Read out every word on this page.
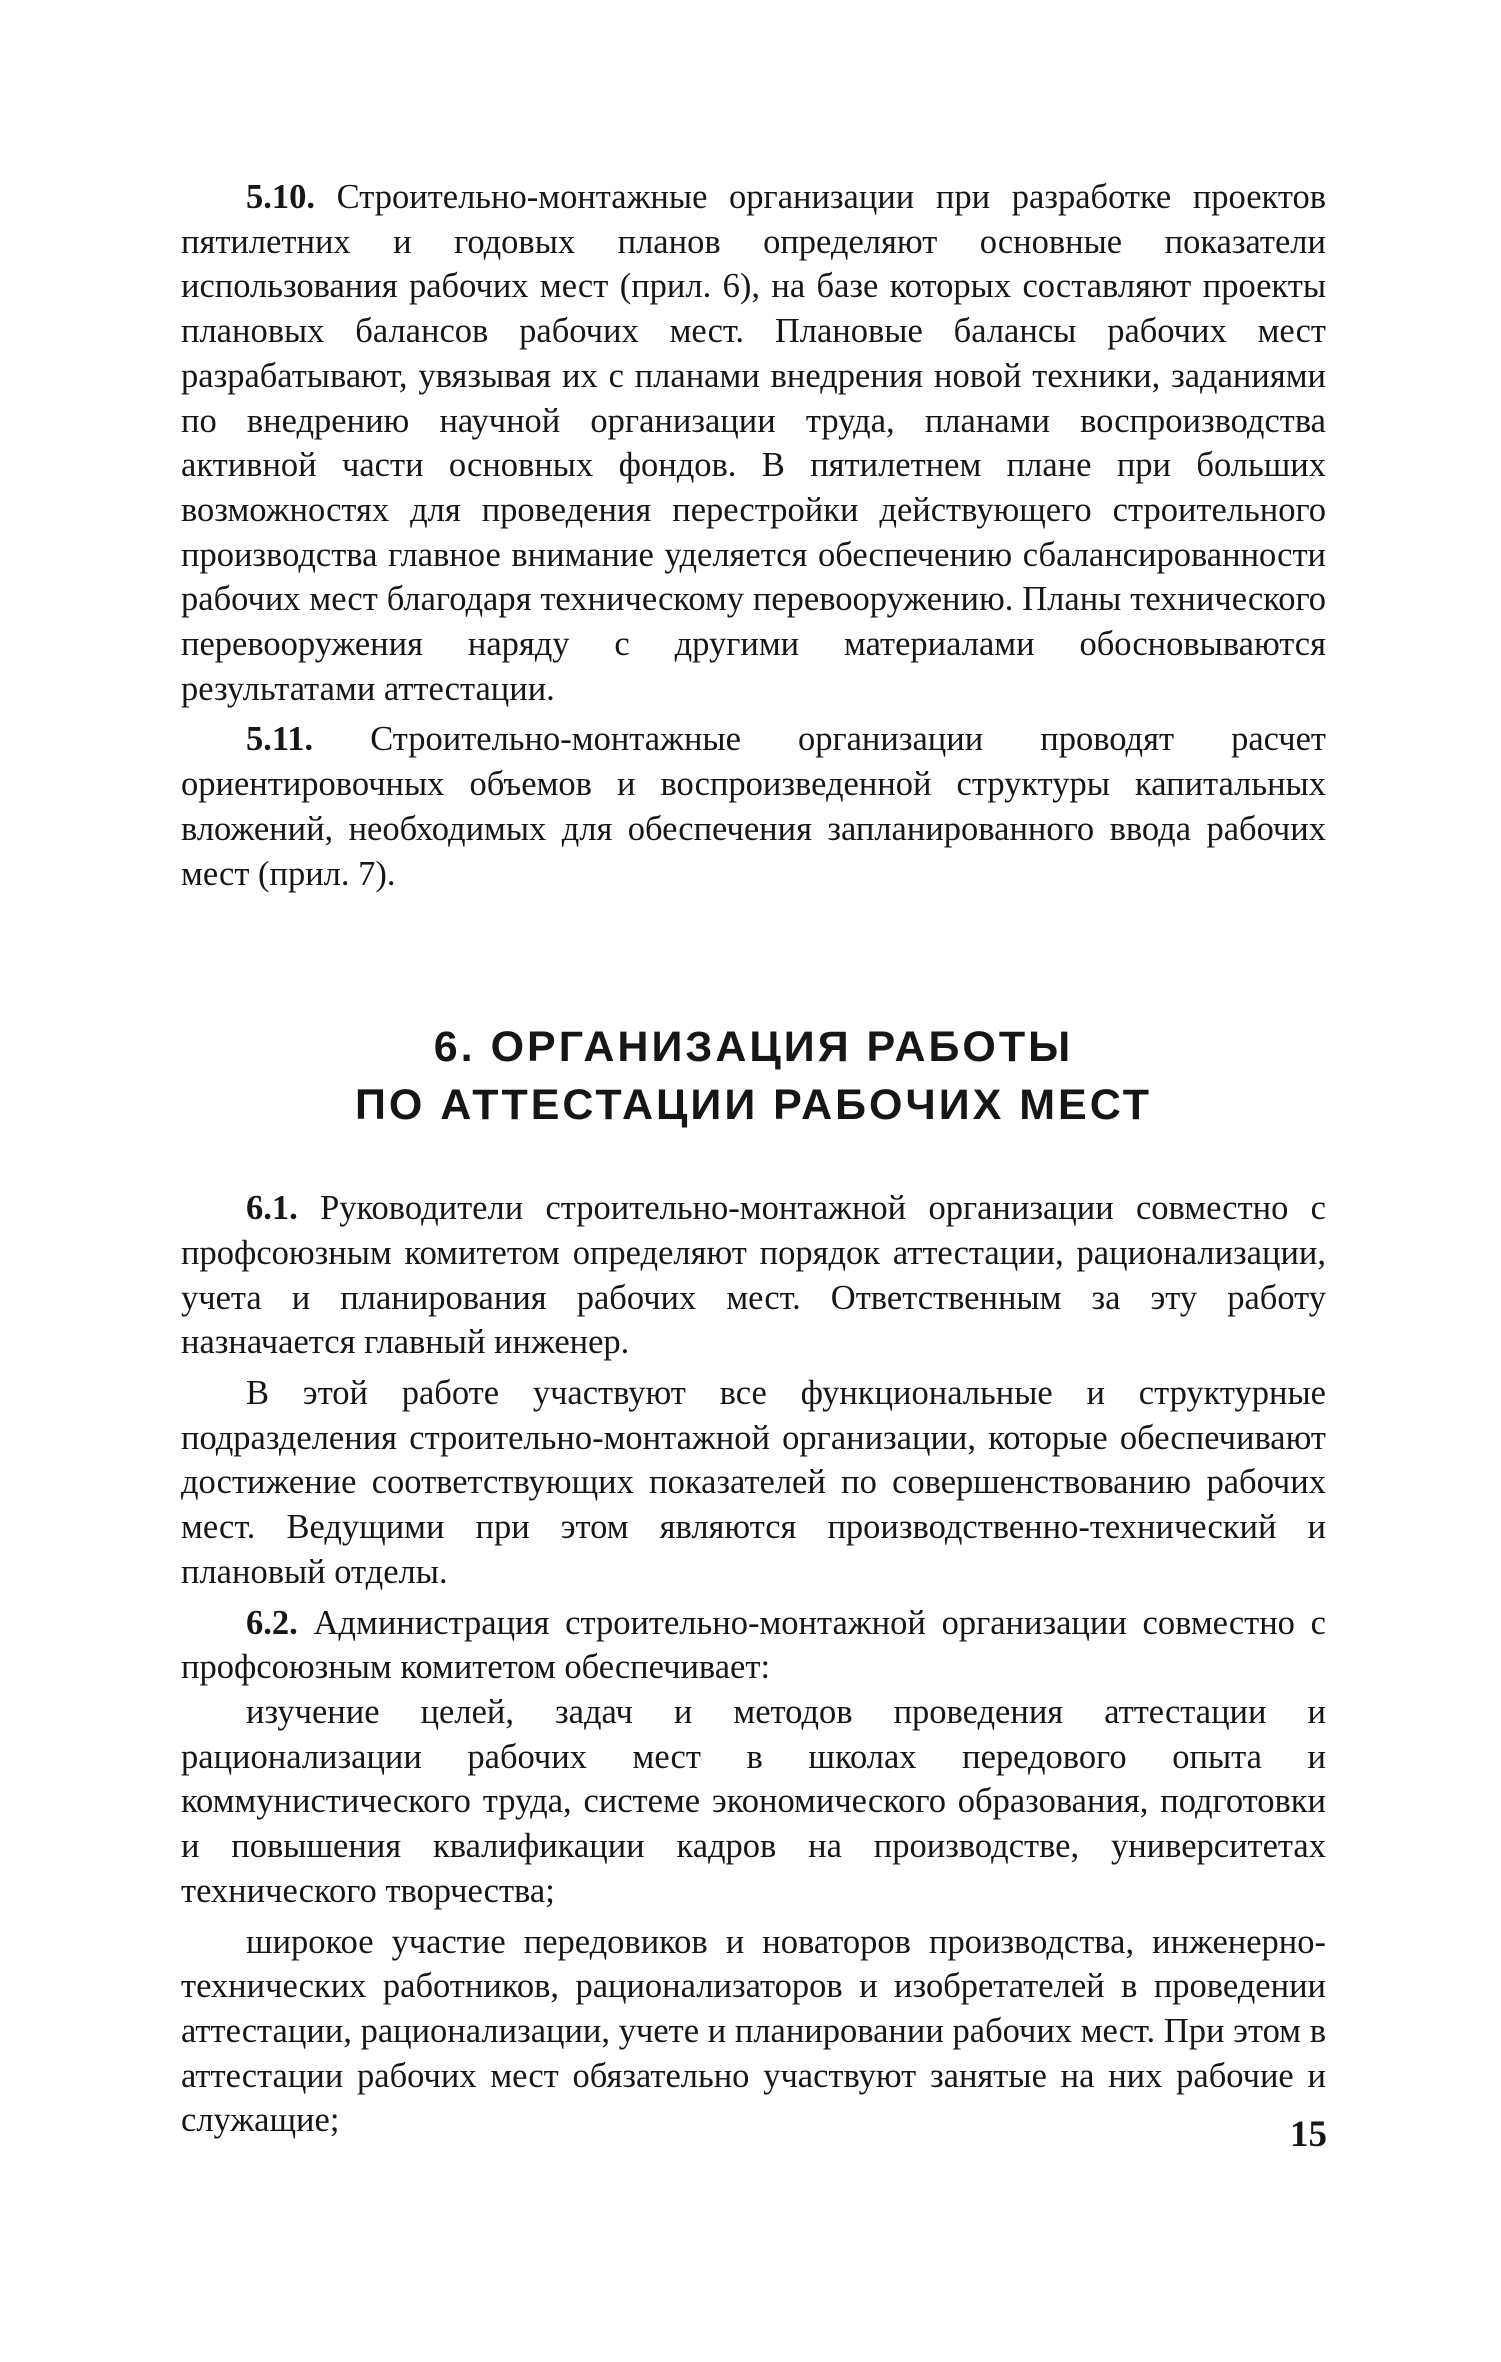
5.10. Строительно-монтажные организации при разработке проектов пятилетних и годовых планов определяют основные показатели использования рабочих мест (прил. 6), на базе которых составляют проекты плановых балансов рабочих мест. Плановые балансы рабочих мест разрабатывают, увязывая их с планами внедрения новой техники, заданиями по внедрению научной организации труда, планами воспроизводства активной части основных фондов. В пятилетнем плане при больших возможностях для проведения перестройки действующего строительного производства главное внимание уделяется обеспечению сбалансированности рабочих мест благодаря техническому перевооружению. Планы технического перевооружения наряду с другими материалами обосновываются результатами аттестации.

5.11. Строительно-монтажные организации проводят расчет ориентировочных объемов и воспроизведенной структуры капитальных вложений, необходимых для обеспечения запланированного ввода рабочих мест (прил. 7).

6. ОРГАНИЗАЦИЯ РАБОТЫ

ПО АТТЕСТАЦИИ РАБОЧИХ МЕСТ

6.1. Руководители строительно-монтажной организации совместно с профсоюзным комитетом определяют порядок аттестации, рационализации, учета и планирования рабочих мест. Ответственным за эту работу назначается главный инженер.

В этой работе участвуют все функциональные и структурные подразделения строительно-монтажной организации, которые обеспечивают достижение соответствующих показателей по совершенствованию рабочих мест. Ведущими при этом являются производственно-технический и плановый отделы.

6.2. Администрация строительно-монтажной организации совместно с профсоюзным комитетом обеспечивает:

изучение целей, задач и методов проведения аттестации и рационализации рабочих мест в школах передового опыта и коммунистического труда, системе экономического образования, подготовки и повышения квалификации кадров на производстве, университетах технического творчества;

широкое участие передовиков и новаторов производства, инженерно-технических работников, рационализаторов и изобретателей в проведении аттестации, рационализации, учете и планировании рабочих мест. При этом в аттестации рабочих мест обязательно участвуют занятые на них рабочие и служащие;	15
